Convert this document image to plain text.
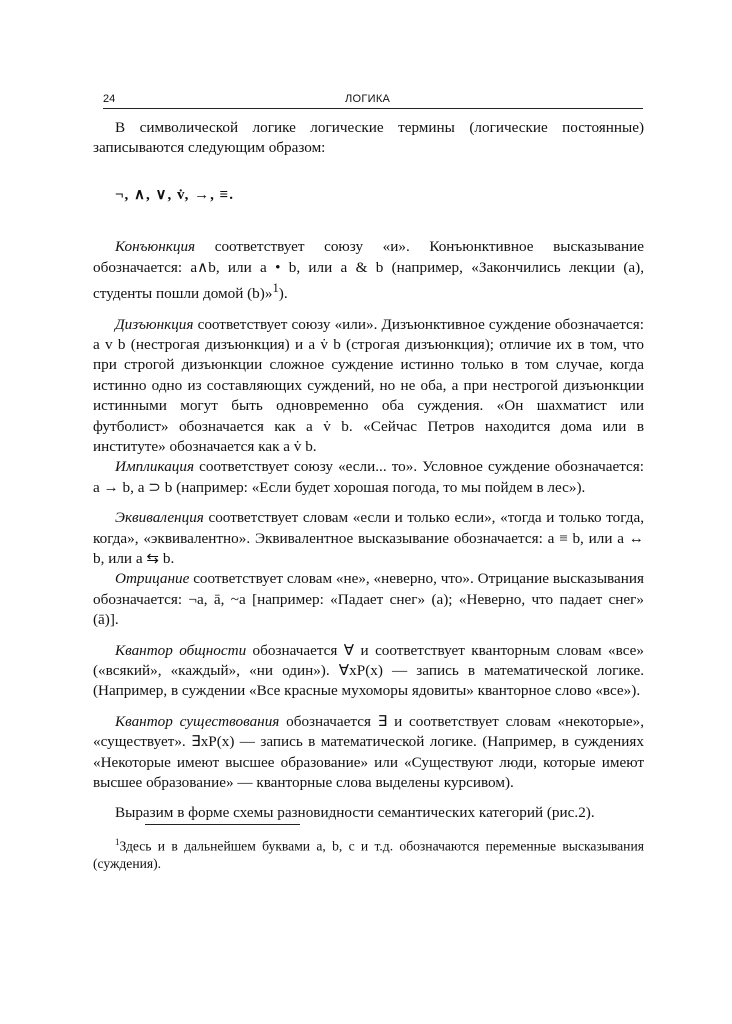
24	ЛОГИКА

В символической логике логические термины (логические постоянные) записываются следующим образом:

¬, ∧, ∨, v̇, →, ≡.

Конъюнкция соответствует союзу «и». Конъюнктивное высказывание обозначается: a∧b, или a • b, или a & b (например, «Закончились лекции (a), студенты пошли домой (b)»$^1$).

Дизъюнкция соответствует союзу «или». Дизъюнктивное суждение обозначается: a v b (нестрогая дизъюнкция) и a v̇ b (строгая дизъюнкция); отличие их в том, что при строгой дизъюнкции сложное суждение истинно только в том случае, когда истинно одно из составляющих суждений, но не оба, а при нестрогой дизъюнкции истинными могут быть одновременно оба суждения. «Он шахматист или футболист» обозначается как a v̇ b. «Сейчас Петров находится дома или в институте» обозначается как a v̇ b.

Импликация соответствует союзу «если... то». Условное суждение обозначается: a → b, a ⊃ b (например: «Если будет хорошая погода, то мы пойдем в лес»).

Эквиваленция соответствует словам «если и только если», «тогда и только тогда, когда», «эквивалентно». Эквивалентное высказывание обозначается: a ≡ b, или a ↔ b, или a ⇆ b.

Отрицание соответствует словам «не», «неверно, что». Отрицание высказывания обозначается: ¬a, ā, ~a [например: «Падает снег» (a); «Неверно, что падает снег» (ā)].

Квантор общности обозначается ∀ и соответствует кванторным словам «все» («всякий», «каждый», «ни один»). ∀xP(x) — запись в математической логике. (Например, в суждении «Все красные мухоморы ядовиты» кванторное слово «все»).

Квантор существования обозначается ∃ и соответствует словам «некоторые», «существует». ∃xP(x) — запись в математической логике. (Например, в суждениях «Некоторые имеют высшее образование» или «Существуют люди, которые имеют высшее образование» — кванторные слова выделены курсивом).

Выразим в форме схемы разновидности семантических категорий (рис.2).

$^1$Здесь и в дальнейшем буквами a, b, c и т.д. обозначаются переменные высказывания (суждения).
